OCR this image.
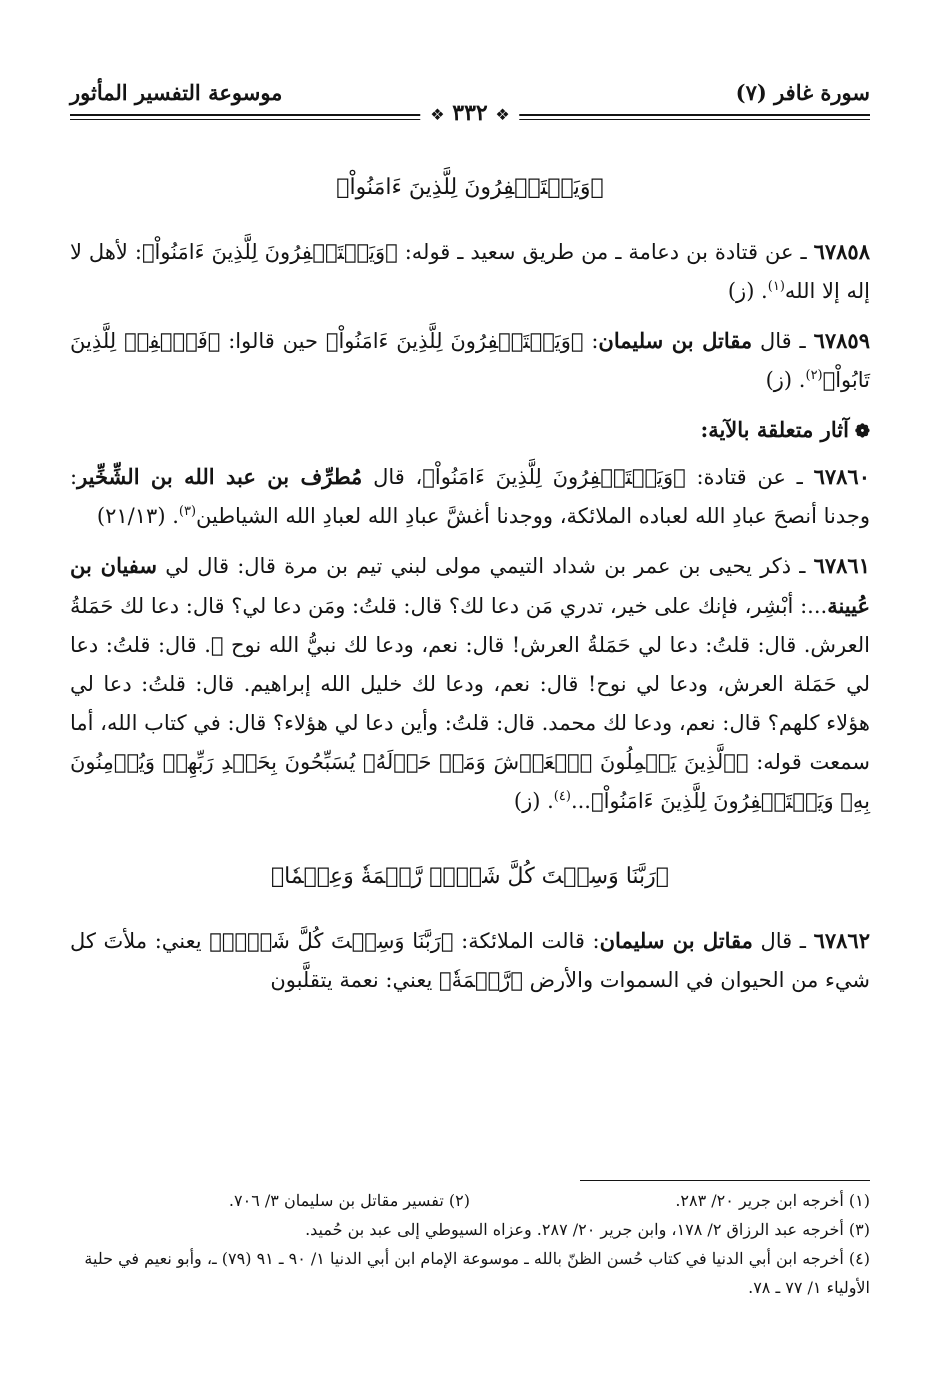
سورة غافر (٧)
موسوعة التفسير المأثور
❖ ٣٣٢ ❖
﴿وَيَسۡتَغۡفِرُونَ لِلَّذِينَ ءَامَنُواْ﴾

٦٧٨٥٨ ـ عن قتادة بن دعامة ـ من طريق سعيد ـ قوله: ﴿وَيَسۡتَغۡفِرُونَ لِلَّذِينَ ءَامَنُواْ﴾: لأهل لا إله إلا الله$^{(١)}$. (ز)

٦٧٨٥٩ ـ قال مقاتل بن سليمان: ﴿وَيَسۡتَغۡفِرُونَ لِلَّذِينَ ءَامَنُواْ﴾ حين قالوا: ﴿فَٱغۡفِرۡ لِلَّذِينَ تَابُواْ﴾$^{(٢)}$. (ز)

❁آثار متعلقة بالآية:

٦٧٨٦٠ ـ عن قتادة: ﴿وَيَسۡتَغۡفِرُونَ لِلَّذِينَ ءَامَنُواْ﴾، قال مُطرِّف بن عبد الله بن الشِّخِّير: وجدنا أنصحَ عبادِ الله لعباده الملائكة، ووجدنا أغشَّ عبادِ الله لعبادِ الله الشياطين$^{(٣)}$. (٢١/١٣)

٦٧٨٦١ ـ ذكر يحيى بن عمر بن شداد التيمي مولى لبني تيم بن مرة قال: قال لي سفيان بن عُيينة...: أبْشِر، فإنك على خير، تدري مَن دعا لك؟ قال: قلتُ: ومَن دعا لي؟ قال: دعا لك حَمَلةُ العرش. قال: قلتُ: دعا لي حَمَلةُ العرش! قال: نعم، ودعا لك نبيُّ الله نوح ﷺ. قال: قلتُ: دعا لي حَمَلة العرش، ودعا لي نوح! قال: نعم، ودعا لك خليل الله إبراهيم. قال: قلتُ: دعا لي هؤلاء كلهم؟ قال: نعم، ودعا لك محمد. قال: قلتُ: وأين دعا لي هؤلاء؟ قال: في كتاب الله، أما سمعت قوله: ﴿ٱلَّذِينَ يَحۡمِلُونَ ٱلۡعَرۡشَ وَمَنۡ حَوۡلَهُۥ يُسَبِّحُونَ بِحَمۡدِ رَبِّهِمۡ وَيُؤۡمِنُونَ بِهِۦ وَيَسۡتَغۡفِرُونَ لِلَّذِينَ ءَامَنُواْ﴾...$^{(٤)}$. (ز)

﴿رَبَّنَا وَسِعۡتَ كُلَّ شَيۡءٖ رَّحۡمَةٗ وَعِلۡمٗا﴾

٦٧٨٦٢ ـ قال مقاتل بن سليمان: قالت الملائكة: ﴿رَبَّنَا وَسِعۡتَ كُلَّ شَيۡءٖ﴾ يعني: ملأتَ كل شيء من الحيوان في السموات والأرض ﴿رَّحۡمَةٗ﴾ يعني: نعمة يتقلَّبون

(١) أخرجه ابن جرير ٢٠/ ٢٨٣.
(٢) تفسير مقاتل بن سليمان ٣/ ٧٠٦.
(٣) أخرجه عبد الرزاق ٢/ ١٧٨، وابن جرير ٢٠/ ٢٨٧. وعزاه السيوطي إلى عبد بن حُميد.
(٤) أخرجه ابن أبي الدنيا في كتاب حُسن الظنّ بالله ـ موسوعة الإمام ابن أبي الدنيا ١/ ٩٠ ـ ٩١ (٧٩) ـ، وأبو نعيم في حلية الأولياء ١/ ٧٧ ـ ٧٨.
